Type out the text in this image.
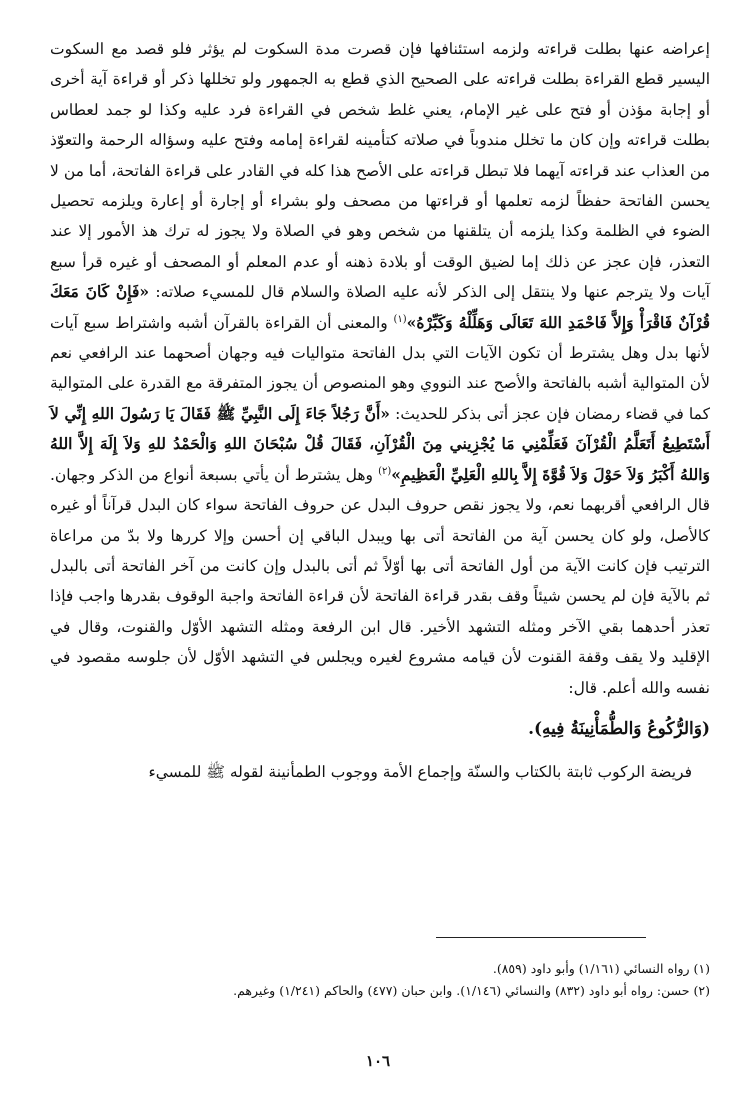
إعراضه عنها بطلت قراءته ولزمه استئنافها فإن قصرت مدة السكوت لم يؤثر فلو قصد مع السكوت اليسير قطع القراءة بطلت قراءته على الصحيح الذي قطع به الجمهور ولو تخللها ذكر أو قراءة آية أخرى أو إجابة مؤذن أو فتح على غير الإمام، يعني غلط شخص في القراءة فرد عليه وكذا لو جمد لعطاس بطلت قراءته وإن كان ما تخلل مندوباً في صلاته كتأمينه لقراءة إمامه وفتح عليه وسؤاله الرحمة والتعوّذ من العذاب عند قراءته آيهما فلا تبطل قراءته على الأصح هذا كله في القادر على قراءة الفاتحة، أما من لا يحسن الفاتحة حفظاً لزمه تعلمها أو قراءتها من مصحف ولو بشراء أو إجارة أو إعارة ويلزمه تحصيل الضوء في الظلمة وكذا يلزمه أن يتلقنها من شخص وهو في الصلاة ولا يجوز له ترك هذ الأمور إلا عند التعذر، فإن عجز عن ذلك إما لضيق الوقت أو بلادة ذهنه أو عدم المعلم أو المصحف أو غيره قرأ سبع آيات ولا يترجم عنها ولا ينتقل إلى الذكر لأنه عليه الصلاة والسلام قال للمسيء صلاته: «فَإِنْ كَانَ مَعَكَ قُرْآنٌ فَاقْرَأْ وَإِلاَّ فَاحْمَدِ اللهَ تَعَالَى وَهَلِّلْهُ وَكَبِّرْهُ»$^{(١)}$ والمعنى أن القراءة بالقرآن أشبه واشتراط سبع آيات لأنها بدل وهل يشترط أن تكون الآيات التي بدل الفاتحة متواليات فيه وجهان أصحهما عند الرافعي نعم لأن المتوالية أشبه بالفاتحة والأصح عند النووي وهو المنصوص أن يجوز المتفرقة مع القدرة على المتوالية كما في قضاء رمضان فإن عجز أتى بذكر للحديث: «أَنَّ رَجُلاً جَاءَ إِلَى النَّبِيِّ ﷺ فَقَالَ يَا رَسُولَ اللهِ إِنِّي لاَ أَسْتَطِيعُ أَتَعَلَّمُ الْقُرْآنَ فَعَلِّمْنِي مَا يُجْزِيني مِنَ الْقُرْآنِ، فَقَالَ قُلْ سُبْحَانَ اللهِ وَالْحَمْدُ للهِ وَلاَ إِلَهَ إِلاَّ اللهُ وَاللهُ أَكْبَرُ وَلاَ حَوْلَ وَلاَ قُوَّةَ إِلاَّ بِاللهِ الْعَلِيِّ الْعَظِيمِ»$^{(٢)}$ وهل يشترط أن يأتي بسبعة أنواع من الذكر وجهان. قال الرافعي أقربهما نعم، ولا يجوز نقص حروف البدل عن حروف الفاتحة سواء كان البدل قرآناً أو غيره كالأصل، ولو كان يحسن آية من الفاتحة أتى بها ويبدل الباقي إن أحسن وإلا كررها ولا بدّ من مراعاة الترتيب فإن كانت الآية من أول الفاتحة أتى بها أوّلاً ثم أتى بالبدل وإن كانت من آخر الفاتحة أتى بالبدل ثم بالآية فإن لم يحسن شيئاً وقف بقدر قراءة الفاتحة لأن قراءة الفاتحة واجبة الوقوف بقدرها واجب فإذا تعذر أحدهما بقي الآخر ومثله التشهد الأخير. قال ابن الرفعة ومثله التشهد الأوّل والقنوت، وقال في الإقليد ولا يقف وقفة القنوت لأن قيامه مشروع لغيره ويجلس في التشهد الأوّل لأن جلوسه مقصود في نفسه والله أعلم. قال:

(وَالرُّكُوعُ وَالطُّمَأْنِينَةُ فِيهِ).

فريضة الركوب ثابتة بالكتاب والسنّة وإجماع الأمة ووجوب الطمأنينة لقوله ﷺ للمسيء

(١) رواه النسائي (١/١٦١) وأبو داود (٨٥٩).

(٢) حسن: رواه أبو داود (٨٣٢) والنسائي (١/١٤٦). وابن حبان (٤٧٧) والحاكم (١/٢٤١) وغيرهم.

١٠٦
